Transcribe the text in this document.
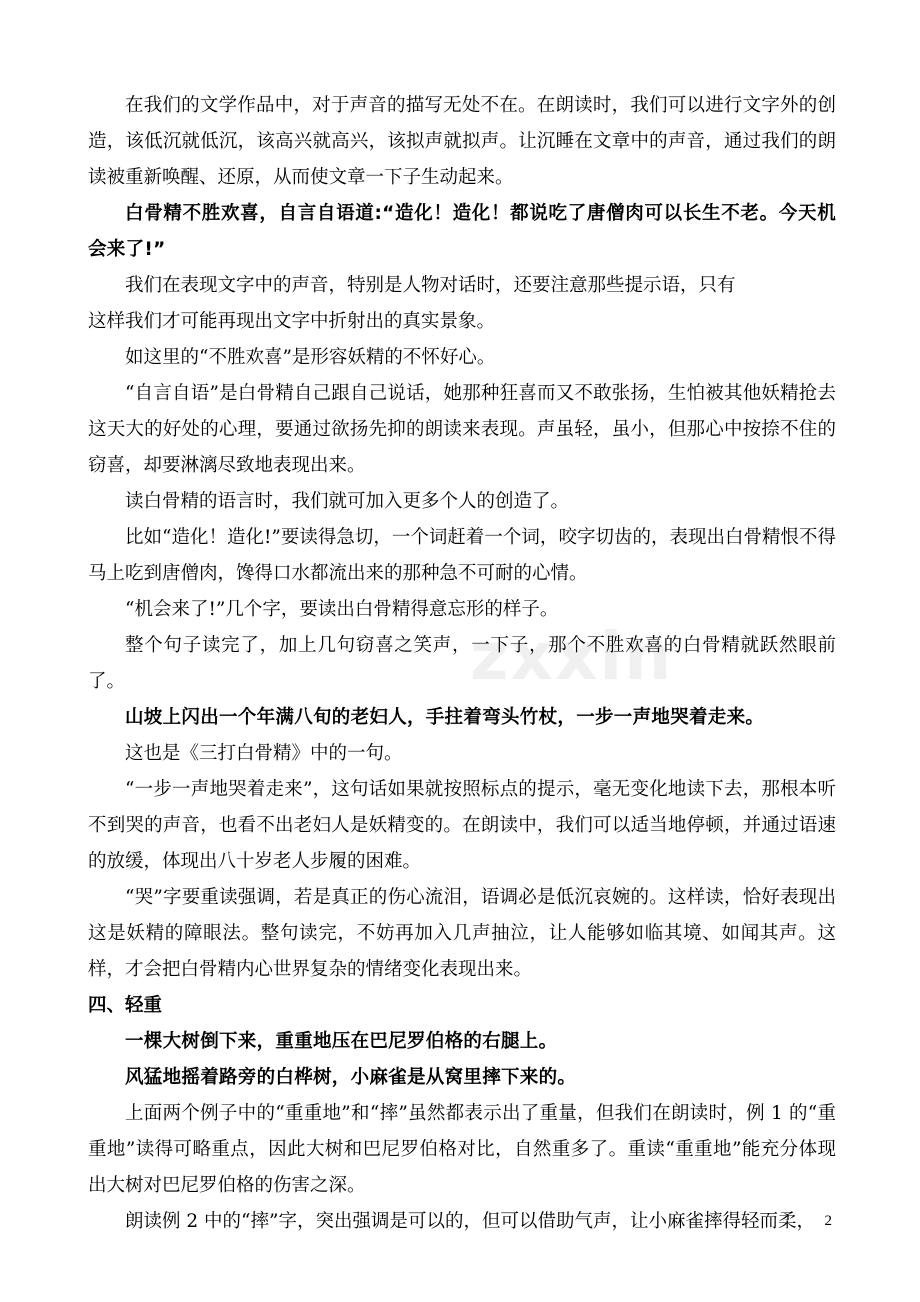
zxxin

在我们的文学作品中，对于声音的描写无处不在。在朗读时，我们可以进行文字外的创造，该低沉就低沉，该高兴就高兴，该拟声就拟声。让沉睡在文章中的声音，通过我们的朗读被重新唤醒、还原，从而使文章一下子生动起来。

白骨精不胜欢喜，自言自语道:“造化！造化！都说吃了唐僧肉可以长生不老。今天机会来了!”

我们在表现文字中的声音，特别是人物对话时，还要注意那些提示语，只有

这样我们才可能再现出文字中折射出的真实景象。

如这里的“不胜欢喜”是形容妖精的不怀好心。

“自言自语”是白骨精自己跟自己说话，她那种狂喜而又不敢张扬，生怕被其他妖精抢去这天大的好处的心理，要通过欲扬先抑的朗读来表现。声虽轻，虽小，但那心中按捺不住的窃喜，却要淋漓尽致地表现出来。

读白骨精的语言时，我们就可加入更多个人的创造了。

比如“造化！造化!”要读得急切，一个词赶着一个词，咬字切齿的，表现出白骨精恨不得马上吃到唐僧肉，馋得口水都流出来的那种急不可耐的心情。

“机会来了!”几个字，要读出白骨精得意忘形的样子。

整个句子读完了，加上几句窃喜之笑声，一下子，那个不胜欢喜的白骨精就跃然眼前了。

山坡上闪出一个年满八旬的老妇人，手拄着弯头竹杖，一步一声地哭着走来。

这也是《三打白骨精》中的一句。

“一步一声地哭着走来”，这句话如果就按照标点的提示，毫无变化地读下去，那根本听不到哭的声音，也看不出老妇人是妖精变的。在朗读中，我们可以适当地停顿，并通过语速的放缓，体现出八十岁老人步履的困难。

“哭”字要重读强调，若是真正的伤心流泪，语调必是低沉哀婉的。这样读，恰好表现出这是妖精的障眼法。整句读完，不妨再加入几声抽泣，让人能够如临其境、如闻其声。这样，才会把白骨精内心世界复杂的情绪变化表现出来。

四、轻重

一棵大树倒下来，重重地压在巴尼罗伯格的右腿上。

风猛地摇着路旁的白桦树，小麻雀是从窝里摔下来的。

上面两个例子中的“重重地”和“摔”虽然都表示出了重量，但我们在朗读时，例 1 的“重重地”读得可略重点，因此大树和巴尼罗伯格对比，自然重多了。重读“重重地”能充分体现出大树对巴尼罗伯格的伤害之深。

朗读例 2 中的“摔”字，突出强调是可以的，但可以借助气声，让小麻雀摔得轻而柔， 2
